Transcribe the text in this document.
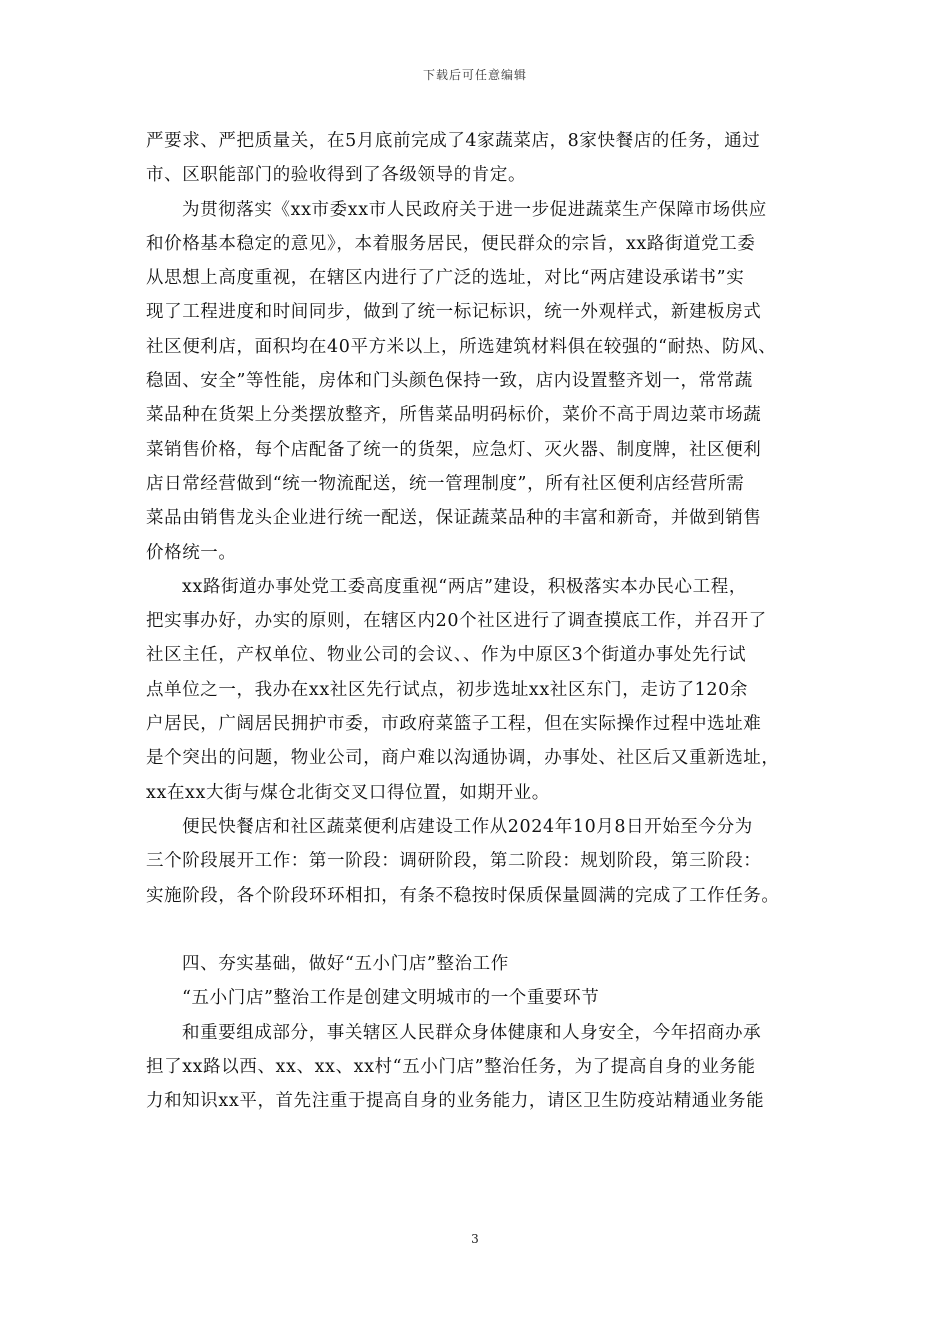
下载后可任意编辑
严要求、严把质量关，在5月底前完成了4家蔬菜店，8家快餐店的任务，通过
市、区职能部门的验收得到了各级领导的肯定。
为贯彻落实《xx市委xx市人民政府关于进一步促进蔬菜生产保障市场供应
和价格基本稳定的意见》，本着服务居民，便民群众的宗旨，xx路街道党工委
从思想上高度重视，在辖区内进行了广泛的选址，对比“两店建设承诺书”实
现了工程进度和时间同步，做到了统一标记标识，统一外观样式，新建板房式
社区便利店，面积均在40平方米以上，所选建筑材料俱在较强的“耐热、防风、
稳固、安全”等性能，房体和门头颜色保持一致，店内设置整齐划一，常常蔬
菜品种在货架上分类摆放整齐，所售菜品明码标价，菜价不高于周边菜市场蔬
菜销售价格，每个店配备了统一的货架，应急灯、灭火器、制度牌，社区便利
店日常经营做到“统一物流配送，统一管理制度”，所有社区便利店经营所需
菜品由销售龙头企业进行统一配送，保证蔬菜品种的丰富和新奇，并做到销售
价格统一。
xx路街道办事处党工委高度重视“两店”建设，积极落实本办民心工程，
把实事办好，办实的原则，在辖区内20个社区进行了调查摸底工作，并召开了
社区主任，产权单位、物业公司的会议、、作为中原区3个街道办事处先行试
点单位之一，我办在xx社区先行试点，初步选址xx社区东门，走访了120余
户居民，广阔居民拥护市委，市政府菜篮子工程，但在实际操作过程中选址难
是个突出的问题，物业公司，商户难以沟通协调，办事处、社区后又重新选址，
xx在xx大街与煤仓北街交叉口得位置，如期开业。
便民快餐店和社区蔬菜便利店建设工作从2024年10月8日开始至今分为
三个阶段展开工作：第一阶段：调研阶段，第二阶段：规划阶段，第三阶段：
实施阶段，各个阶段环环相扣，有条不稳按时保质保量圆满的完成了工作任务。
四、夯实基础，做好“五小门店”整治工作
“五小门店”整治工作是创建文明城市的一个重要环节
和重要组成部分，事关辖区人民群众身体健康和人身安全，今年招商办承
担了xx路以西、xx、xx、xx村“五小门店”整治任务，为了提高自身的业务能
力和知识xx平，首先注重于提高自身的业务能力，请区卫生防疫站精通业务能
3
